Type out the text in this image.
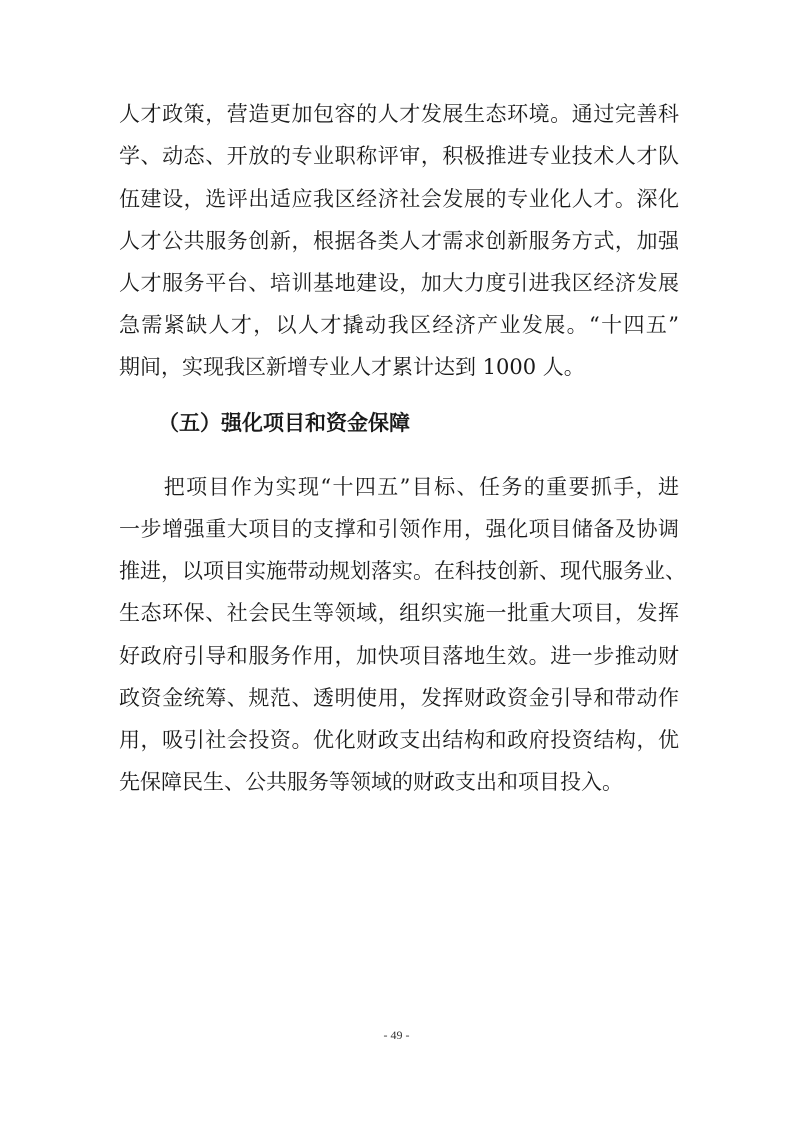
人才政策，营造更加包容的人才发展生态环境。通过完善科
学、动态、开放的专业职称评审，积极推进专业技术人才队
伍建设，选评出适应我区经济社会发展的专业化人才。深化
人才公共服务创新，根据各类人才需求创新服务方式，加强
人才服务平台、培训基地建设，加大力度引进我区经济发展
急需紧缺人才，以人才撬动我区经济产业发展。“十四五”
期间，实现我区新增专业人才累计达到 1000 人。
（五）强化项目和资金保障
　　把项目作为实现“十四五”目标、任务的重要抓手，进
一步增强重大项目的支撑和引领作用，强化项目储备及协调
推进，以项目实施带动规划落实。在科技创新、现代服务业、
生态环保、社会民生等领域，组织实施一批重大项目，发挥
好政府引导和服务作用，加快项目落地生效。进一步推动财
政资金统筹、规范、透明使用，发挥财政资金引导和带动作
用，吸引社会投资。优化财政支出结构和政府投资结构，优
先保障民生、公共服务等领域的财政支出和项目投入。
- 49 -
